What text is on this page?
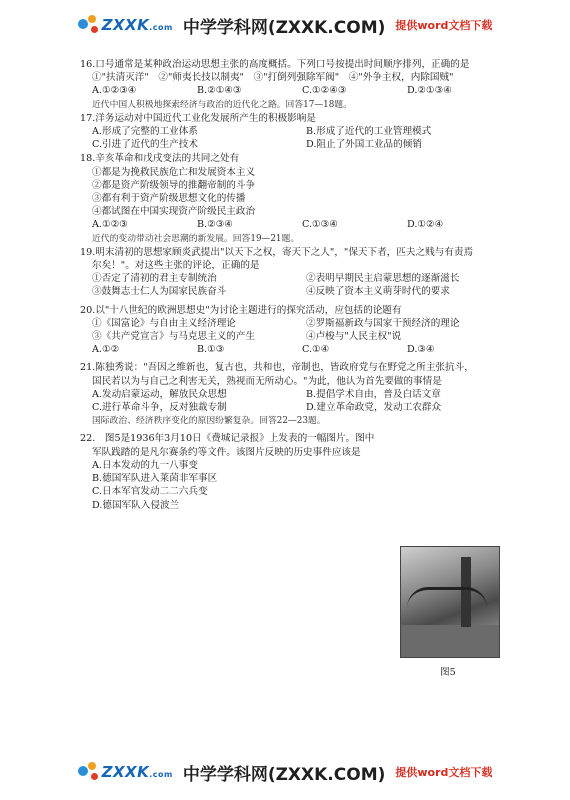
ZXXK.com 中学学科网(ZXXK.COM) 提供word文档下载
16.口号通常是某种政治运动思想主张的高度概括。下列口号按提出时间顺序排列，正确的是
①"扶清灭洋"　②"师夷长技以制夷"　③"打倒列强除军阀"　④"外争主权，内除国贼"
A.①②③④	B.②①④③	C.①②④③	D.②①③④
近代中国人积极地探索经济与政治的近代化之路。回答17—18题。
17.洋务运动对中国近代工业化发展所产生的积极影响是
A.形成了完整的工业体系	B.形成了近代的工业管理模式
C.引进了近代的生产技术	D.阻止了外国工业品的倾销
18.辛亥革命和戊戌变法的共同之处有
①都是为挽救民族危亡和发展资本主义
②都是资产阶级领导的推翻帝制的斗争
③都有利于资产阶级思想文化的传播
④都试图在中国实现资产阶级民主政治
A.①②③	B.②③④	C.①③④	D.①②④
近代的变动带动社会思潮的新发展。回答19—21题。
19.明末清初的思想家顾炎武提出"以天下之权，寄天下之人"，"保天下者，匹夫之贱与有责焉
尔矣！"。对这些主张的评论，正确的是
①否定了清初的君主专制统治	②表明早期民主启蒙思想的逐渐滋长
③鼓舞志士仁人为国家民族奋斗	④反映了资本主义萌芽时代的要求
20.以"十八世纪的欧洲思想史"为讨论主题进行的探究活动，应包括的论题有
①《国富论》与自由主义经济理论	②罗斯福新政与国家干预经济的理论
③《共产党宣言》与马克思主义的产生	④卢梭与"人民主权"说
A.①②	B.①③	C.①④	D.③④
21.陈独秀说："吾因之维新也，复古也，共和也，帝制也，皆政府党与在野党之所主张抗斗，
国民若以为与自己之利害无关，熟视而无所动心。"为此，他认为首先要做的事情是
A.发动启蒙运动，解放民众思想	B.提倡学术自由，普及白话文章
C.进行革命斗争，反对独裁专制	D.建立革命政党，发动工农群众
国际政治、经济秩序变化的原因纷繁复杂。回答22—23题。
22.　图5是1936年3月10日《费城记录报》上发表的一幅图片。图中
军队践踏的是凡尔赛条约等文件。该图片反映的历史事件应该是
A.日本发动的九一八事变
B.德国军队进入莱茵非军事区
C.日本军官发动二二六兵变
D.德国军队入侵波兰
图5
ZXXK.com 中学学科网(ZXXK.COM) 提供word文档下载
